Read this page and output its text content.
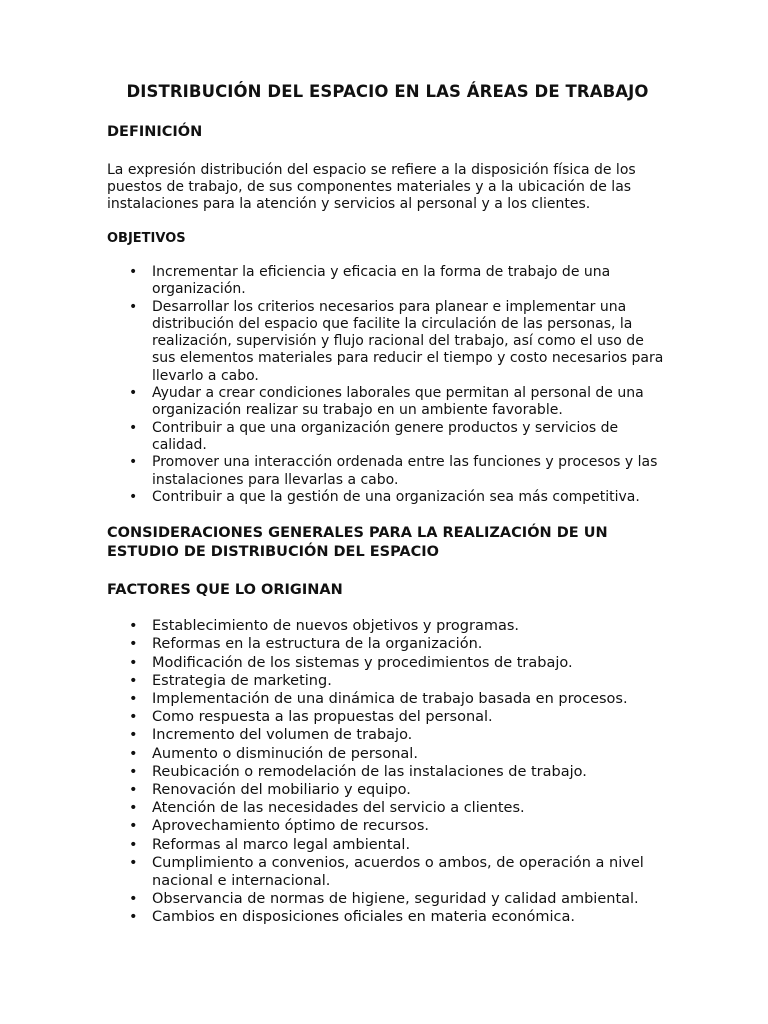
DISTRIBUCIÓN DEL ESPACIO EN LAS ÁREAS DE TRABAJO
DEFINICIÓN

La expresión distribución del espacio se refiere a la disposición física de los puestos de trabajo, de sus componentes materiales y a la ubicación de las instalaciones para la atención y servicios al personal y a los clientes.

OBJETIVOS
• Incrementar la eficiencia y eficacia en la forma de trabajo de una organización.
• Desarrollar los criterios necesarios para planear e implementar una distribución del espacio que facilite la circulación de las personas, la realización, supervisión y flujo racional del trabajo, así como el uso de sus elementos materiales para reducir el tiempo y costo necesarios para llevarlo a cabo.
• Ayudar a crear condiciones laborales que permitan al personal de una organización realizar su trabajo en un ambiente favorable.
• Contribuir a que una organización genere productos y servicios de calidad.
• Promover una interacción ordenada entre las funciones y procesos y las instalaciones para llevarlas a cabo.
• Contribuir a que la gestión de una organización sea más competitiva.
CONSIDERACIONES GENERALES PARA LA REALIZACIÓN DE UN ESTUDIO DE DISTRIBUCIÓN DEL ESPACIO
FACTORES QUE LO ORIGINAN
• Establecimiento de nuevos objetivos y programas.
• Reformas en la estructura de la organización.
• Modificación de los sistemas y procedimientos de trabajo.
• Estrategia de marketing.
• Implementación de una dinámica de trabajo basada en procesos.
• Como respuesta a las propuestas del personal.
• Incremento del volumen de trabajo.
• Aumento o disminución de personal.
• Reubicación o remodelación de las instalaciones de trabajo.
• Renovación del mobiliario y equipo.
• Atención de las necesidades del servicio a clientes.
• Aprovechamiento óptimo de recursos.
• Reformas al marco legal ambiental.
• Cumplimiento a convenios, acuerdos o ambos, de operación a nivel nacional e internacional.
• Observancia de normas de higiene, seguridad y calidad ambiental.
• Cambios en disposiciones oficiales en materia económica.
